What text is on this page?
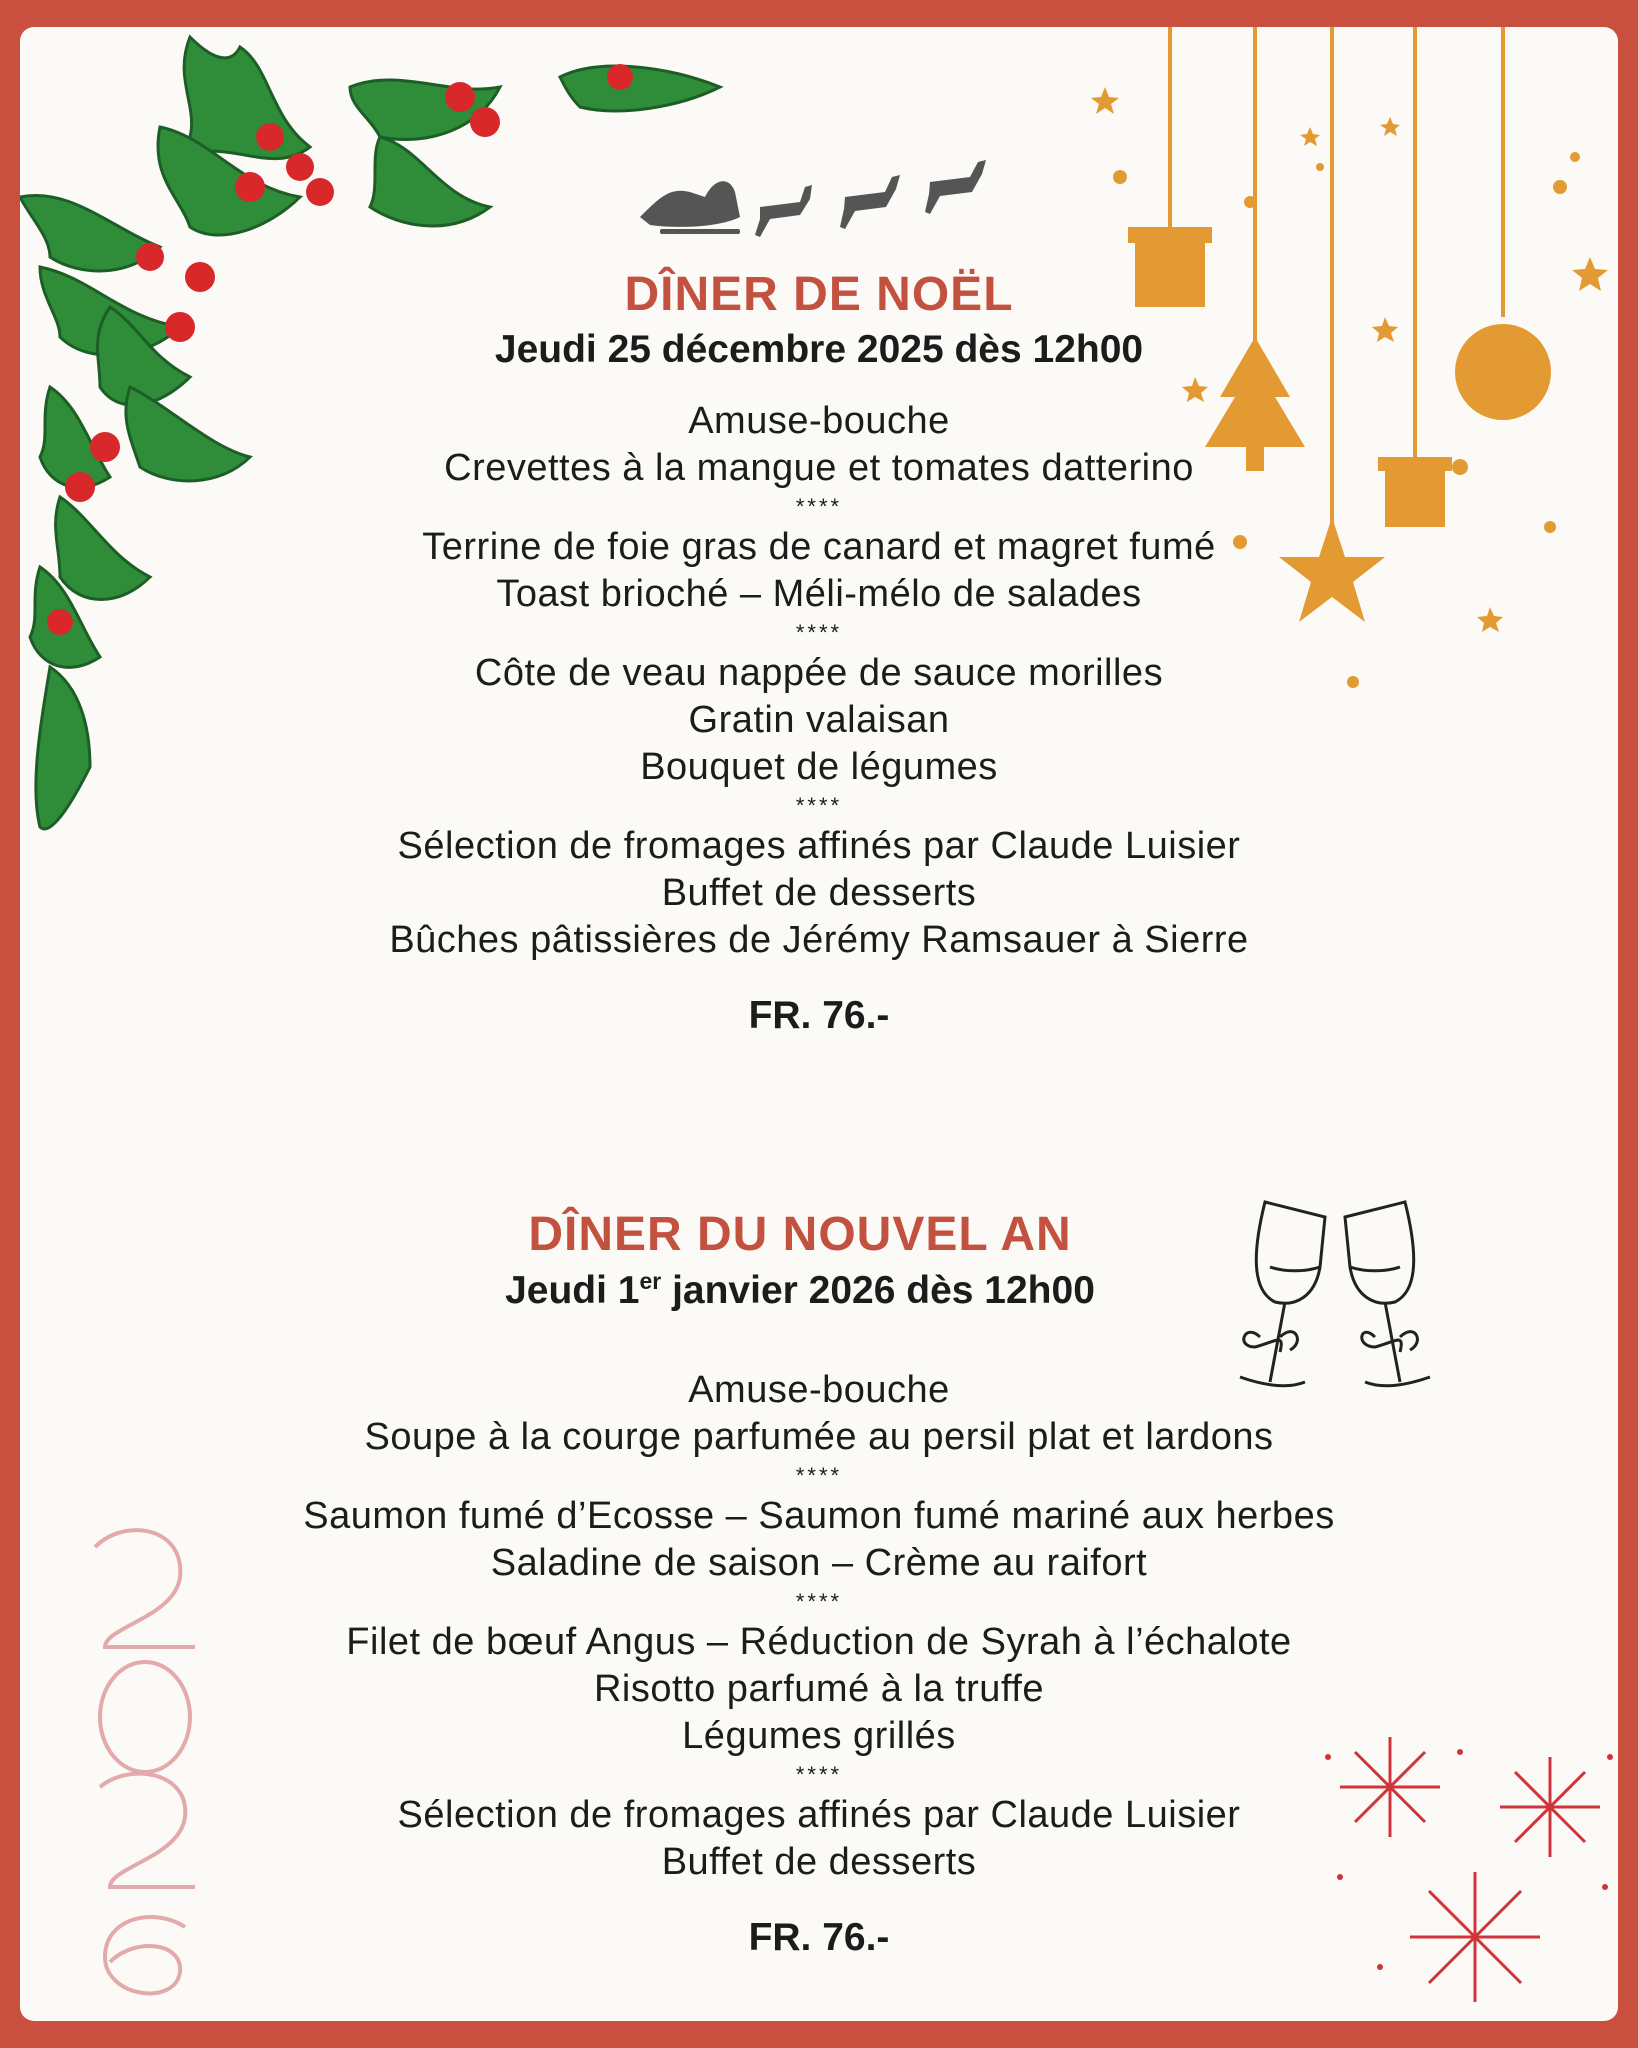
DÎNER DE NOËL
Jeudi 25 décembre 2025 dès 12h00
Amuse-bouche
Crevettes à la mangue et tomates datterino
****
Terrine de foie gras de canard et magret fumé
Toast brioché – Méli-mélo de salades
****
Côte de veau nappée de sauce morilles
Gratin valaisan
Bouquet de légumes
****
Sélection de fromages affinés par Claude Luisier
Buffet de desserts
Bûches pâtissières de Jérémy Ramsauer à Sierre
FR. 76.-
DÎNER DU NOUVEL AN
Jeudi 1er janvier 2026 dès 12h00
Amuse-bouche
Soupe à la courge parfumée au persil plat et lardons
****
Saumon fumé d’Ecosse – Saumon fumé mariné aux herbes
Saladine de saison – Crème au raifort
****
Filet de bœuf Angus – Réduction de Syrah à l’échalote
Risotto parfumé à la truffe
Légumes grillés
****
Sélection de fromages affinés par Claude Luisier
Buffet de desserts
FR. 76.-
